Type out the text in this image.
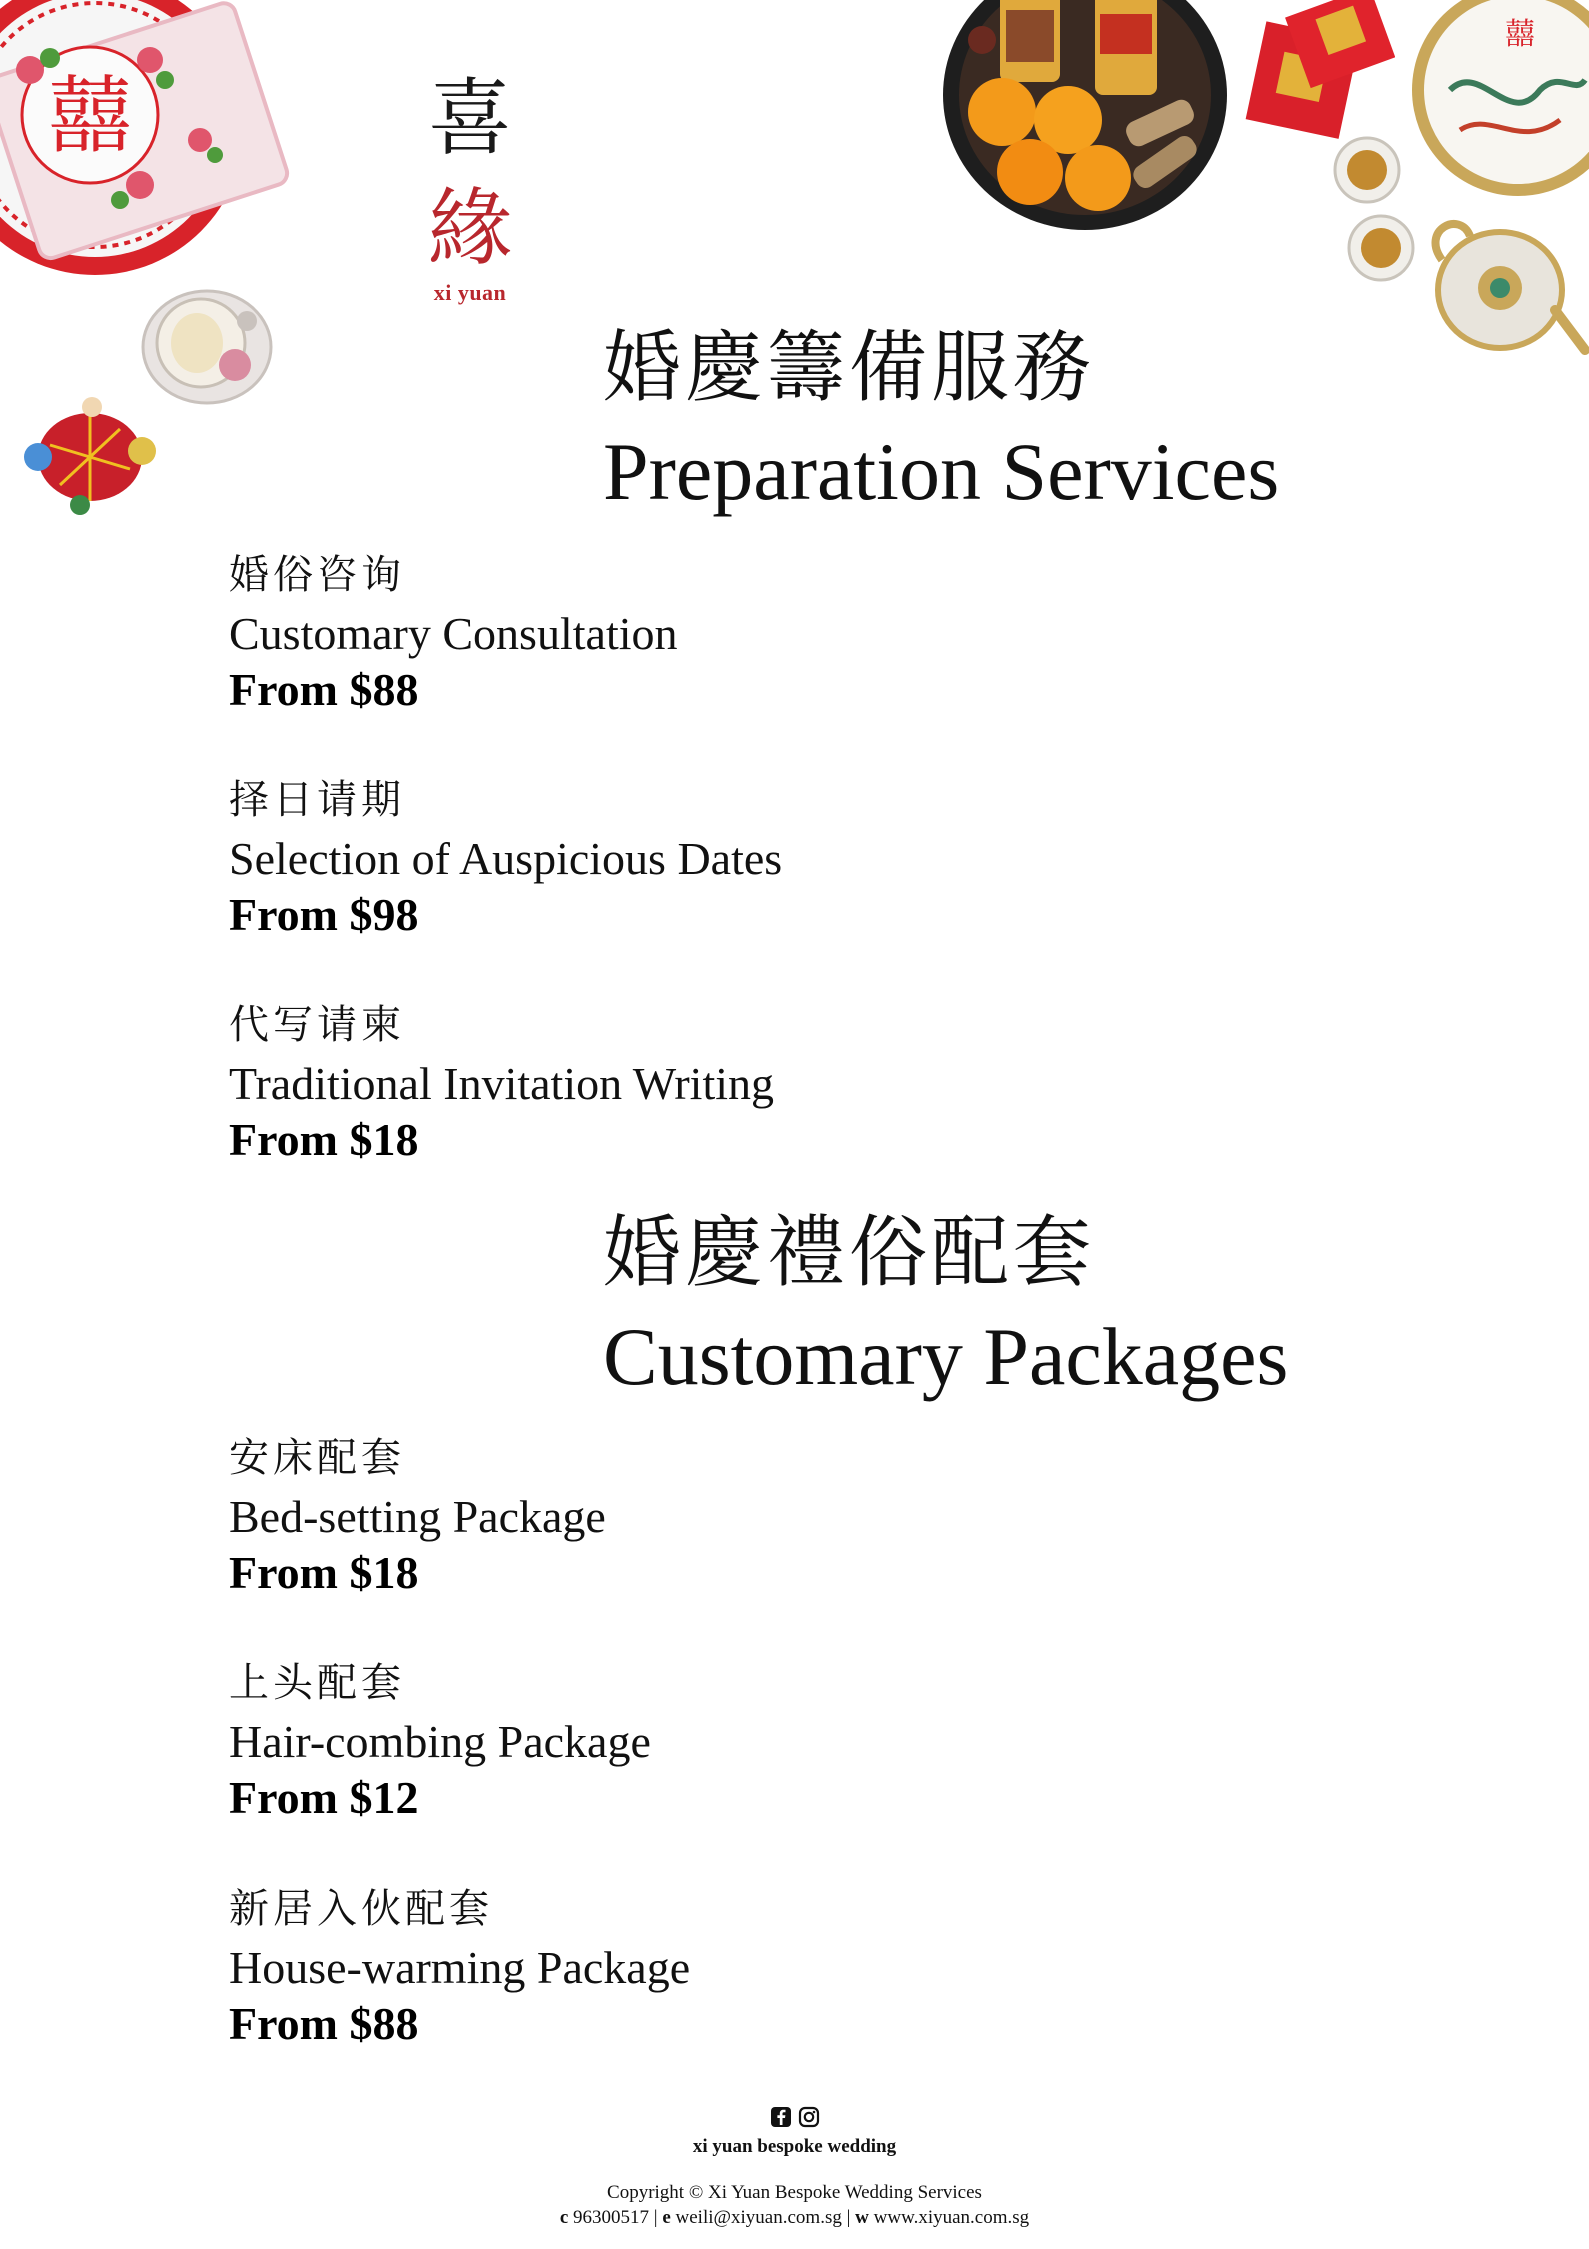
囍
囍
喜
緣
xi yuan
婚慶籌備服務
Preparation Services
婚俗咨询
Customary Consultation
From $88
择日请期
Selection of Auspicious Dates
From $98
代写请柬
Traditional Invitation Writing
From $18
婚慶禮俗配套
Customary Packages
安床配套
Bed-setting Package
From $18
上头配套
Hair-combing Package
From $12
新居入伙配套
House-warming Package
From $88
xi yuan bespoke wedding
Copyright © Xi Yuan Bespoke Wedding Services
c 96300517 | e weili@xiyuan.com.sg | w www.xiyuan.com.sg
